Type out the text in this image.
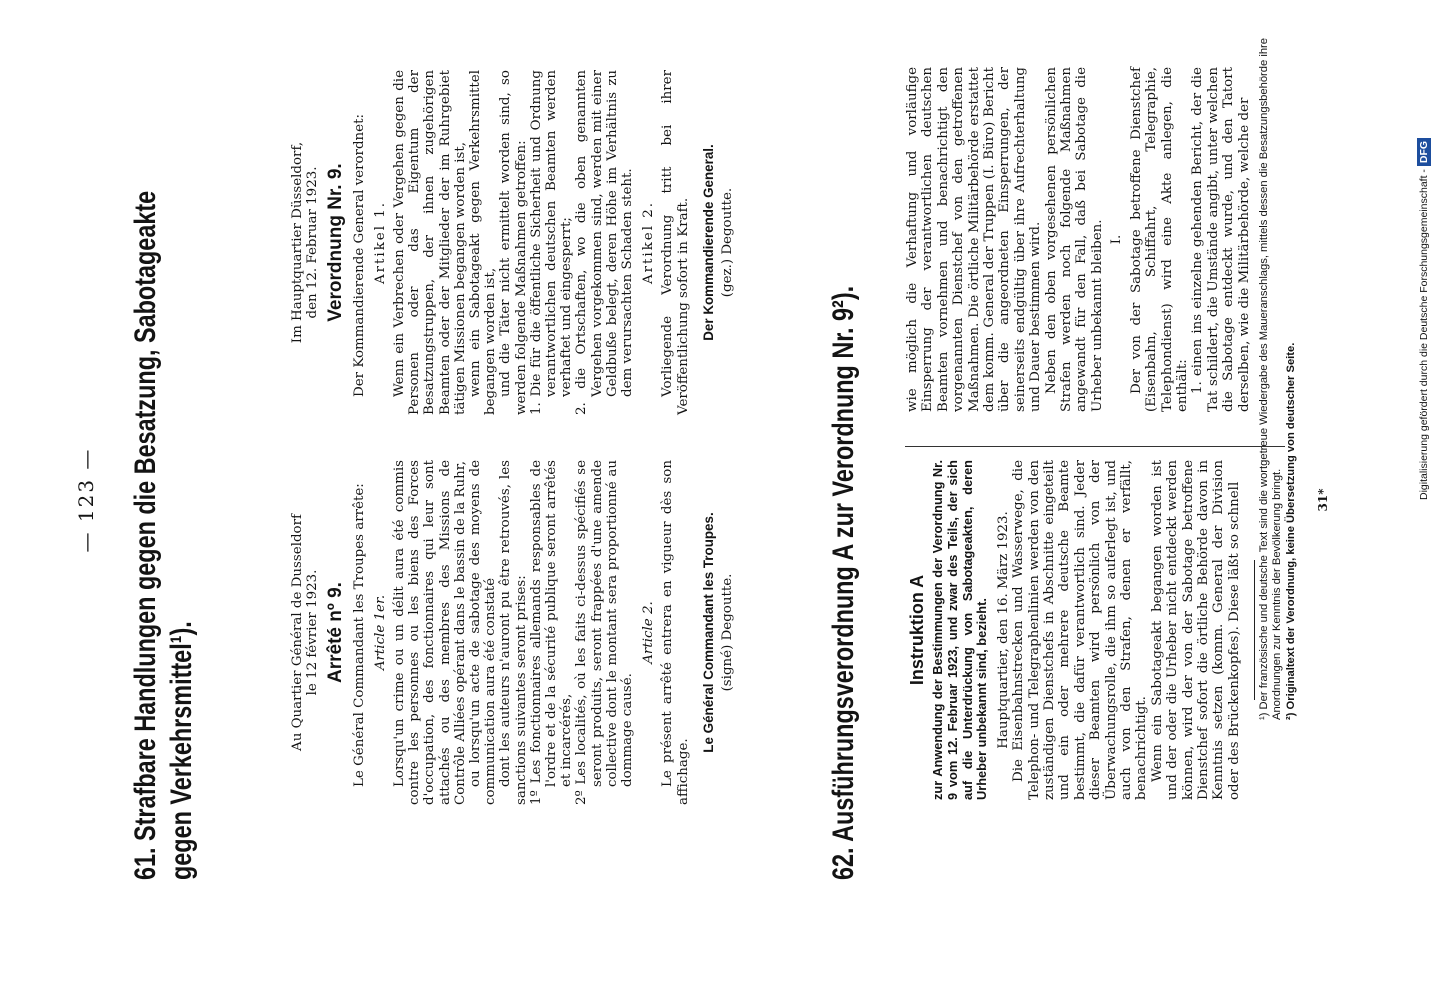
— 123 — 61. Strafbare Handlungen gegen die Besatzung, Sabotageakte gegen Verkehrsmittel¹).	Au Quartier Général de Dusseldorf le 12 février 1923. Arrêté nº 9. Le Général Commandant les Troupes arrête: Article 1er. Lorsqu'un crime ou un délit aura été commis contre les personnes ou les biens des Forces d'occupation, des fonctionnaires qui leur sont attachés ou des membres des Missions de Contrôle Alliées opérant dans le bassin de la Ruhr, ou lorsqu'un acte de sabotage des moyens de communication aura été constaté dont les auteurs n'auront pu être retrouvés, les sanctions suivantes seront prises: 1º Les fonctionnaires allemands responsables de l'ordre et de la sécurité publique seront arrêtés et incarcérés, 2º Les localités, où les faits ci-dessus spécifiés se seront produits, seront frappées d'une amende collective dont le montant sera proportionné au dommage causé.

Article 2. Le présent arrêté entrera en vigueur dès son affichage.

Le Général Commandant les Troupes. (signé) Degoutte.

Im Hauptquartier Düsseldorf, den 12. Februar 1923. Verordnung Nr. 9. Der Kommandierende General verordnet: Artikel 1. Wenn ein Verbrechen oder Vergehen gegen die Personen oder das Eigentum der Besatzungstruppen, der ihnen zugehörigen Beamten oder der Mitglieder der im Ruhrgebiet tätigen Missionen begangen worden ist, wenn ein Sabotageakt gegen Verkehrsmittel begangen worden ist, und die Täter nicht ermittelt worden sind, so werden folgende Maßnahmen getroffen: 1. Die für die öffentliche Sicherheit und Ordnung verantwortlichen deutschen Beamten werden verhaftet und eingesperrt; 2. die Ortschaften, wo die oben genannten Vergehen vorgekommen sind, werden mit einer Geldbuße belegt, deren Höhe im Verhältnis zu dem verursachten Schaden steht. Artikel 2. Vorliegende Verordnung tritt bei ihrer Veröffentlichung sofort in Kraft. Der Kommandierende General. (gez.) Degoutte.
62. Ausführungsverordnung A zur Verordnung Nr. 9²).	Instruktion A zur Anwendung der Bestimmungen der Verordnung Nr. 9 vom 12. Februar 1923, und zwar des Teils, der sich auf die Unterdrückung von Sabotageakten, deren Urheber unbekannt sind, bezieht. Hauptquartier, den 16. März 1923. Die Eisenbahnstrecken und Wasserwege, die Telephon- und Telegraphenlinien werden von den zuständigen Dienstchefs in Abschnitte eingeteilt und ein oder mehrere deutsche Beamte bestimmt, die dafür verantwortlich sind. Jeder dieser Beamten wird persönlich von der Überwachungsrolle, die ihm so auferlegt ist, und auch von den Strafen, denen er verfällt, benachrichtigt. Wenn ein Sabotageakt begangen worden ist und der oder die Urheber nicht entdeckt werden können, wird der von der Sabotage betroffene Dienstchef sofort die örtliche Behörde davon in Kenntnis setzen (komm. General der Division oder des Brückenkopfes). Diese läßt so schnell

wie möglich die Verhaftung und vorläufige Einsperrung der verantwortlichen deutschen Beamten vornehmen und benachrichtigt den vorgenannten Dienstchef von den getroffenen Maßnahmen. Die örtliche Militärbehörde erstattet dem komm. General der Truppen (I. Büro) Bericht über die angeordneten Einsperrungen, der seinerseits endgültig über ihre Aufrechterhaltung und Dauer bestimmen wird. Neben den oben vorgesehenen persönlichen Strafen werden noch folgende Maßnahmen angewandt für den Fall, daß bei Sabotage die Urheber unbekannt bleiben. I. Der von der Sabotage betroffene Dienstchef (Eisenbahn, Schiffahrt, Telegraphie, Telephondienst) wird eine Akte anlegen, die enthält: 1. einen ins einzelne gehenden Bericht, der die Tat schildert, die Umstände angibt, unter welchen die Sabotage entdeckt wurde, und den Tatort derselben, wie die Militärbehörde, welche der ¹) Der französische und deutsche Text sind die wortgetreue Wiedergabe des Maueranschlags, mittels dessen die Besatzungsbehörde ihre Anordnungen zur Kenntnis der Bevölkerung bringt. ²) Originaltext der Verordnung, keine Übersetzung von deutscher Seite. 31*
Digitalisierung gefördert durch die Deutsche Forschungsgemeinschaft -DFG
